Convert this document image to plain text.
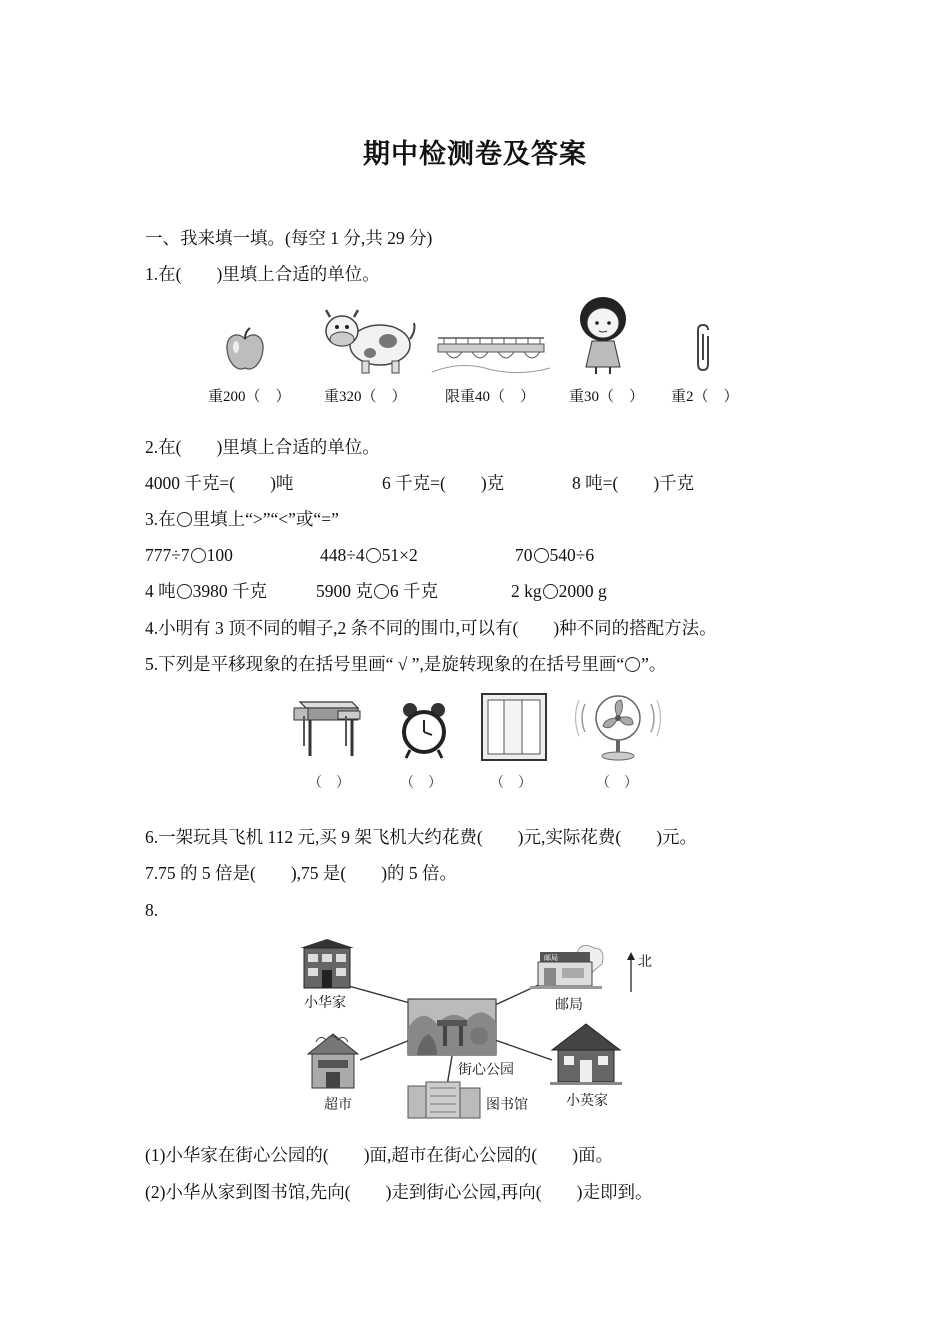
期中检测卷及答案
一、我来填一填。(每空 1 分,共 29 分)
1.在(　　)里填上合适的单位。
重200（　） 重320（　）	限重40（　） 重30（　） 重2（　）
2.在(　　)里填上合适的单位。
4000 千克=(　　)吨	6 千克=(　　)克	8 吨=(　　)千克
3.在 里填上“>”“<”或“=”
777÷7 100	448÷4 51×2	70 540÷6
4 吨 3980 千克	5900 克 6 千克	2 kg 2000 g
4.小明有 3 顶不同的帽子,2 条不同的围巾,可以有(　　)种不同的搭配方法。
5.下列是平移现象的在括号里画“ √ ”,是旋转现象的在括号里画“ ”。
（　）	（　）	（　）	（　）
6.一架玩具飞机 112 元,买 9 架飞机大约花费(　　)元,实际花费(　　)元。
7.75 的 5 倍是(　　),75 是(　　)的 5 倍。
8.
小华家
邮局
邮局
北
街心公园
超市	图书馆	小英家
(1)小华家在街心公园的(　　)面,超市在街心公园的(　　)面。
(2)小华从家到图书馆,先向(　　)走到街心公园,再向(　　)走即到。
